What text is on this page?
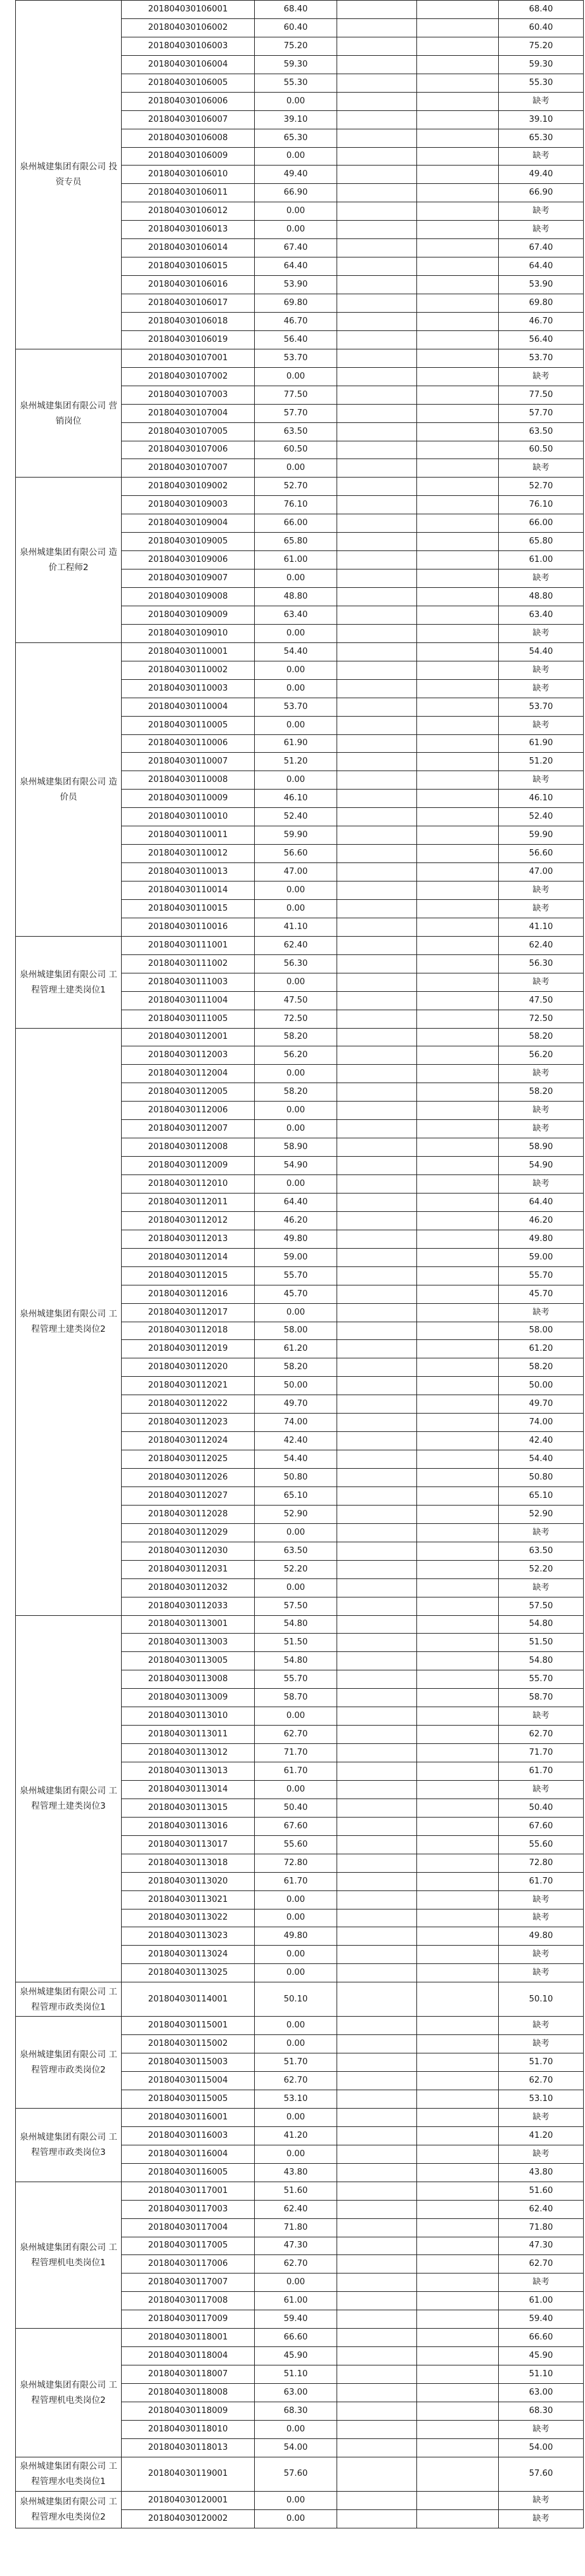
泉州城建集团有限公司 投资专员	201804030106001	68.40			68.40
	201804030106002	60.40			60.40
	201804030106003	75.20			75.20
	201804030106004	59.30			59.30
	201804030106005	55.30			55.30
	201804030106006	0.00			缺考
	201804030106007	39.10			39.10
	201804030106008	65.30			65.30
	201804030106009	0.00			缺考
	201804030106010	49.40			49.40
	201804030106011	66.90			66.90
	201804030106012	0.00			缺考
	201804030106013	0.00			缺考
	201804030106014	67.40			67.40
	201804030106015	64.40			64.40
	201804030106016	53.90			53.90
	201804030106017	69.80			69.80
	201804030106018	46.70			46.70
	201804030106019	56.40			56.40
泉州城建集团有限公司 营销岗位	201804030107001	53.70			53.70
	201804030107002	0.00			缺考
	201804030107003	77.50			77.50
	201804030107004	57.70			57.70
	201804030107005	63.50			63.50
	201804030107006	60.50			60.50
	201804030107007	0.00			缺考
泉州城建集团有限公司 造价工程师2	201804030109002	52.70			52.70
	201804030109003	76.10			76.10
	201804030109004	66.00			66.00
	201804030109005	65.80			65.80
	201804030109006	61.00			61.00
	201804030109007	0.00			缺考
	201804030109008	48.80			48.80
	201804030109009	63.40			63.40
	201804030109010	0.00			缺考
泉州城建集团有限公司 造价员	201804030110001	54.40			54.40
	201804030110002	0.00			缺考
	201804030110003	0.00			缺考
	201804030110004	53.70			53.70
	201804030110005	0.00			缺考
	201804030110006	61.90			61.90
	201804030110007	51.20			51.20
	201804030110008	0.00			缺考
	201804030110009	46.10			46.10
	201804030110010	52.40			52.40
	201804030110011	59.90			59.90
	201804030110012	56.60			56.60
	201804030110013	47.00			47.00
	201804030110014	0.00			缺考
	201804030110015	0.00			缺考
	201804030110016	41.10			41.10
泉州城建集团有限公司 工程管理土建类岗位1	201804030111001	62.40			62.40
	201804030111002	56.30			56.30
	201804030111003	0.00			缺考
	201804030111004	47.50			47.50
	201804030111005	72.50			72.50
泉州城建集团有限公司 工程管理土建类岗位2	201804030112001	58.20			58.20
	201804030112003	56.20			56.20
	201804030112004	0.00			缺考
	201804030112005	58.20			58.20
	201804030112006	0.00			缺考
	201804030112007	0.00			缺考
	201804030112008	58.90			58.90
	201804030112009	54.90			54.90
	201804030112010	0.00			缺考
	201804030112011	64.40			64.40
	201804030112012	46.20			46.20
	201804030112013	49.80			49.80
	201804030112014	59.00			59.00
	201804030112015	55.70			55.70
	201804030112016	45.70			45.70
	201804030112017	0.00			缺考
	201804030112018	58.00			58.00
	201804030112019	61.20			61.20
	201804030112020	58.20			58.20
	201804030112021	50.00			50.00
	201804030112022	49.70			49.70
	201804030112023	74.00			74.00
	201804030112024	42.40			42.40
	201804030112025	54.40			54.40
	201804030112026	50.80			50.80
	201804030112027	65.10			65.10
	201804030112028	52.90			52.90
	201804030112029	0.00			缺考
	201804030112030	63.50			63.50
	201804030112031	52.20			52.20
	201804030112032	0.00			缺考
	201804030112033	57.50			57.50
泉州城建集团有限公司 工程管理土建类岗位3	201804030113001	54.80			54.80
	201804030113003	51.50			51.50
	201804030113005	54.80			54.80
	201804030113008	55.70			55.70
	201804030113009	58.70			58.70
	201804030113010	0.00			缺考
	201804030113011	62.70			62.70
	201804030113012	71.70			71.70
	201804030113013	61.70			61.70
	201804030113014	0.00			缺考
	201804030113015	50.40			50.40
	201804030113016	67.60			67.60
	201804030113017	55.60			55.60
	201804030113018	72.80			72.80
	201804030113020	61.70			61.70
	201804030113021	0.00			缺考
	201804030113022	0.00			缺考
	201804030113023	49.80			49.80
	201804030113024	0.00			缺考
	201804030113025	0.00			缺考
泉州城建集团有限公司 工程管理市政类岗位1	201804030114001	50.10			50.10
泉州城建集团有限公司 工程管理市政类岗位2	201804030115001	0.00			缺考
	201804030115002	0.00			缺考
	201804030115003	51.70			51.70
	201804030115004	62.70			62.70
	201804030115005	53.10			53.10
泉州城建集团有限公司 工程管理市政类岗位3	201804030116001	0.00			缺考
	201804030116003	41.20			41.20
	201804030116004	0.00			缺考
	201804030116005	43.80			43.80
泉州城建集团有限公司 工程管理机电类岗位1	201804030117001	51.60			51.60
	201804030117003	62.40			62.40
	201804030117004	71.80			71.80
	201804030117005	47.30			47.30
	201804030117006	62.70			62.70
	201804030117007	0.00			缺考
	201804030117008	61.00			61.00
	201804030117009	59.40			59.40
泉州城建集团有限公司 工程管理机电类岗位2	201804030118001	66.60			66.60
	201804030118004	45.90			45.90
	201804030118007	51.10			51.10
	201804030118008	63.00			63.00
	201804030118009	68.30			68.30
	201804030118010	0.00			缺考
	201804030118013	54.00			54.00
泉州城建集团有限公司 工程管理水电类岗位1	201804030119001	57.60			57.60
泉州城建集团有限公司 工程管理水电类岗位2	201804030120001	0.00			缺考
	201804030120002	0.00			缺考
